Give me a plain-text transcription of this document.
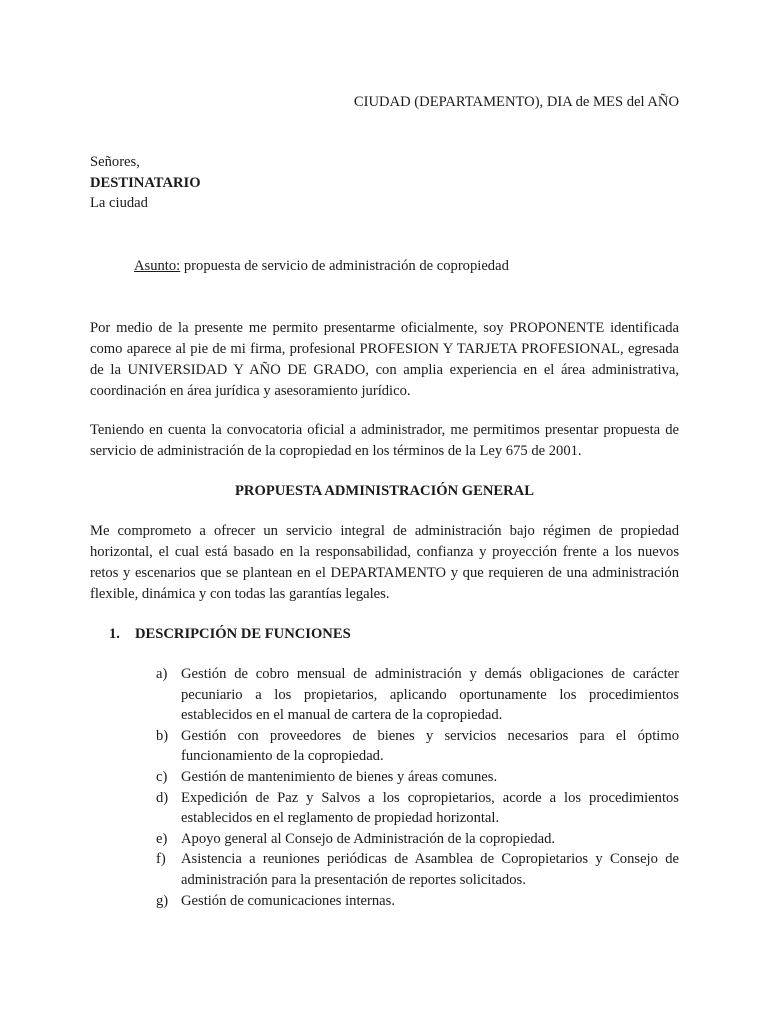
CIUDAD (DEPARTAMENTO), DIA de MES del AÑO
Señores,
DESTINATARIO
La ciudad
Asunto: propuesta de servicio de administración de copropiedad

Por medio de la presente me permito presentarme oficialmente, soy PROPONENTE identificada como aparece al pie de mi firma, profesional PROFESION Y TARJETA PROFESIONAL, egresada de la UNIVERSIDAD Y AÑO DE GRADO, con amplia experiencia en el área administrativa, coordinación en área jurídica y asesoramiento jurídico.

Teniendo en cuenta la convocatoria oficial a administrador, me permitimos presentar propuesta de servicio de administración de la copropiedad en los términos de la Ley 675 de 2001.

PROPUESTA ADMINISTRACIÓN GENERAL

Me comprometo a ofrecer un servicio integral de administración bajo régimen de propiedad horizontal, el cual está basado en la responsabilidad, confianza y proyección frente a los nuevos retos y escenarios que se plantean en el DEPARTAMENTO y que requieren de una administración flexible, dinámica y con todas las garantías legales.

1. DESCRIPCIÓN DE FUNCIONES
a) Gestión de cobro mensual de administración y demás obligaciones de carácter pecuniario a los propietarios, aplicando oportunamente los procedimientos establecidos en el manual de cartera de la copropiedad.
b) Gestión con proveedores de bienes y servicios necesarios para el óptimo funcionamiento de la copropiedad.
c) Gestión de mantenimiento de bienes y áreas comunes.
d) Expedición de Paz y Salvos a los copropietarios, acorde a los procedimientos establecidos en el reglamento de propiedad horizontal.
e) Apoyo general al Consejo de Administración de la copropiedad.
f) Asistencia a reuniones periódicas de Asamblea de Copropietarios y Consejo de administración para la presentación de reportes solicitados.
g) Gestión de comunicaciones internas.
